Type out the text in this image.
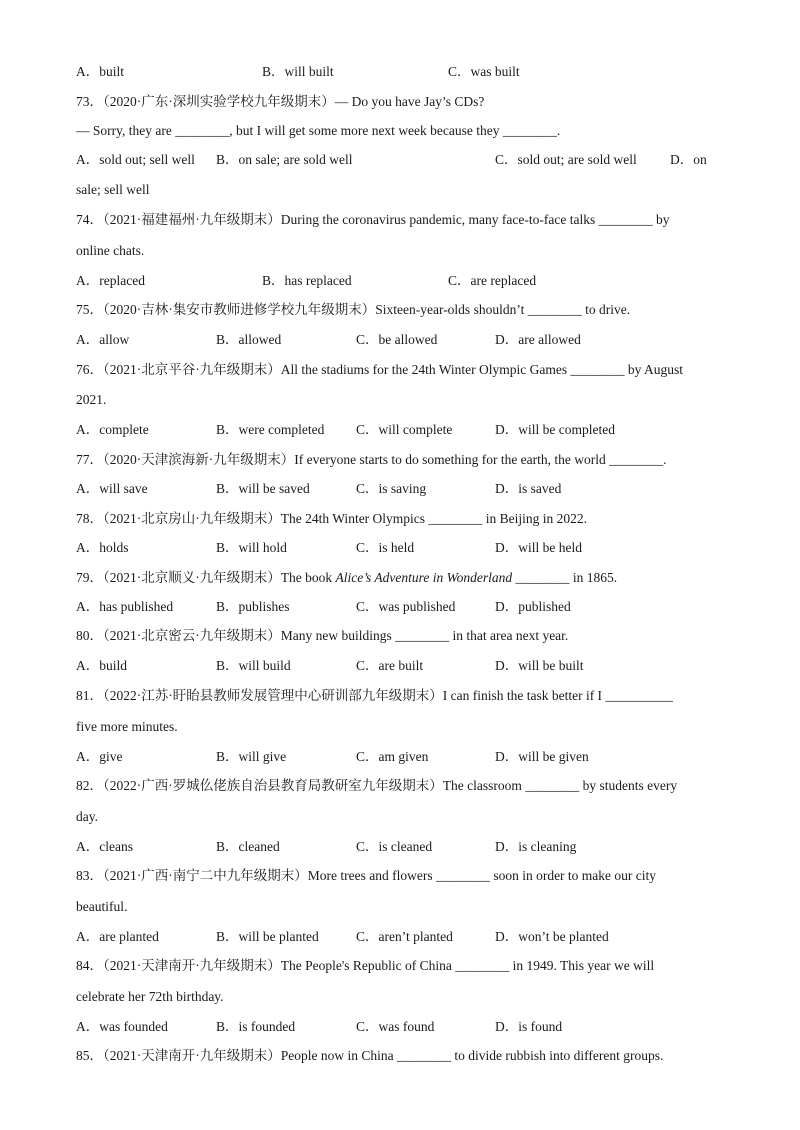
A．built	B．will built	C．was built
73．（2020·广东·深圳实验学校九年级期末）— Do you have Jay’s CDs?
— Sorry, they are ________, but I will get some more next week because they ________.
A．sold out; sell well B．on sale; are sold well	C．sold out; are sold well D．on
sale; sell well
74．（2021·福建福州·九年级期末）During the coronavirus pandemic, many face-to-face talks ________ by
online chats.
A．replaced	B．has replaced	C．are replaced
75．（2020·吉林·集安市教师进修学校九年级期末）Sixteen-year-olds shouldn’t ________ to drive.
A．allow	B．allowed	C．be allowed	D．are allowed
76．（2021·北京平谷·九年级期末）All the stadiums for the 24th Winter Olympic Games ________ by August
2021.
A．complete	B．were completed C．will complete	D．will be completed
77．（2020·天津滨海新·九年级期末）If everyone starts to do something for the earth, the world ________.
A．will save	B．will be saved	C．is saving	D．is saved
78．（2021·北京房山·九年级期末）The 24th Winter Olympics ________ in Beijing in 2022.
A．holds	B．will hold	C．is held	D．will be held
79．（2021·北京顺义·九年级期末）The book Alice’s Adventure in Wonderland ________ in 1865.
A．has published	B．publishes	C．was published	D．published
80．（2021·北京密云·九年级期末）Many new buildings ________ in that area next year.
A．build	B．will build	C．are built	D．will be built
81．（2022·江苏·盱眙县教师发展管理中心研训部九年级期末）I can finish the task better if I __________
five more minutes.
A．give	B．will give	C．am given	D．will be given
82．（2022·广西·罗城仫佬族自治县教育局教研室九年级期末）The classroom ________ by students every
day.
A．cleans	B．cleaned	C．is cleaned	D．is cleaning
83．（2021·广西·南宁二中九年级期末）More trees and flowers ________ soon in order to make our city
beautiful.
A．are planted	B．will be planted	C．aren’t planted	D．won’t be planted
84．（2021·天津南开·九年级期末）The People's Republic of China ________ in 1949. This year we will
celebrate her 72th birthday.
A．was founded	B．is founded	C．was found	D．is found
85．（2021·天津南开·九年级期末）People now in China ________ to divide rubbish into different groups.
